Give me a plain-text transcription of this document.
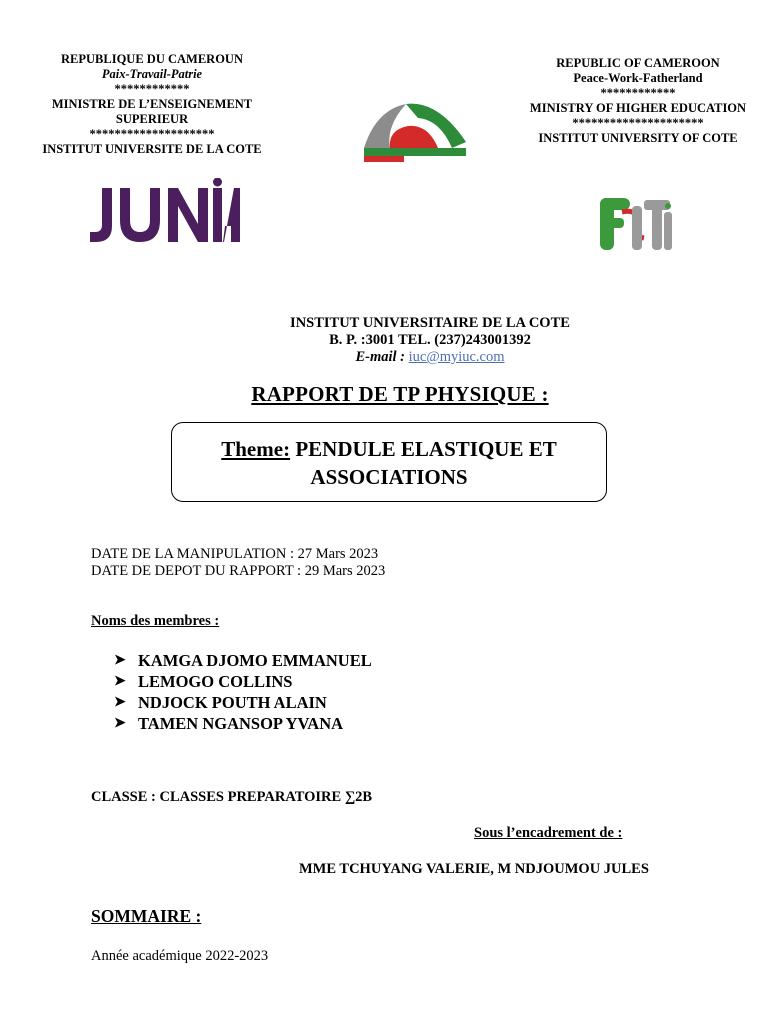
REPUBLIQUE DU CAMEROUN
Paix-Travail-Patrie
************
MINISTRE DE L’ENSEIGNEMENT SUPERIEUR
********************
INSTITUT UNIVERSITE DE LA COTE
REPUBLIC OF CAMEROON
Peace-Work-Fatherland
************
MINISTRY OF HIGHER EDUCATION
*********************
INSTITUT UNIVERSITY OF COTE
IUC
INSTITUT UNIVERSITAIRE DE LA COTE
B. P. :3001 TEL. (237)243001392
E-mail : iuc@myiuc.com
RAPPORT DE TP PHYSIQUE :
Theme: PENDULE ELASTIQUE ET
ASSOCIATIONS
DATE DE LA MANIPULATION : 27 Mars 2023
DATE DE DEPOT DU RAPPORT : 29 Mars 2023
Noms des membres :
➤ KAMGA DJOMO EMMANUEL
➤ LEMOGO COLLINS
➤ NDJOCK POUTH ALAIN
➤ TAMEN NGANSOP YVANA
CLASSE : CLASSES PREPARATOIRE ∑2B
Sous l’encadrement de :
MME TCHUYANG VALERIE, M NDJOUMOU JULES
SOMMAIRE :
Année académique 2022-2023
